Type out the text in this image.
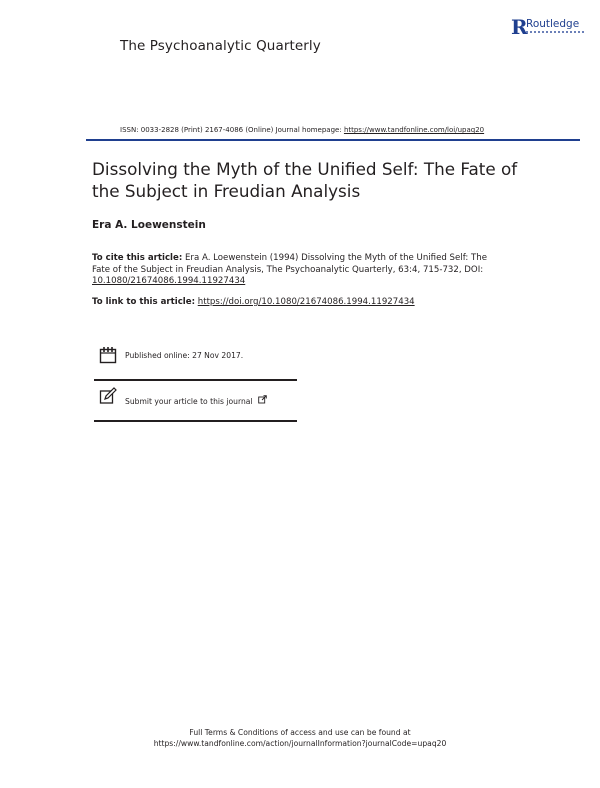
The Psychoanalytic Quarterly
R
Routledge
ISSN: 0033-2828 (Print) 2167-4086 (Online) Journal homepage: https://www.tandfonline.com/loi/upaq20
Dissolving the Myth of the Unified Self: The Fate of the Subject in Freudian Analysis
Era A. Loewenstein
To cite this article: Era A. Loewenstein (1994) Dissolving the Myth of the Unified Self: The Fate of the Subject in Freudian Analysis, The Psychoanalytic Quarterly, 63:4, 715-732, DOI: 10.1080/21674086.1994.11927434
To link to this article: https://doi.org/10.1080/21674086.1994.11927434
Published online: 27 Nov 2017.
Submit your article to this journal
Full Terms & Conditions of access and use can be found at
https://www.tandfonline.com/action/journalInformation?journalCode=upaq20
